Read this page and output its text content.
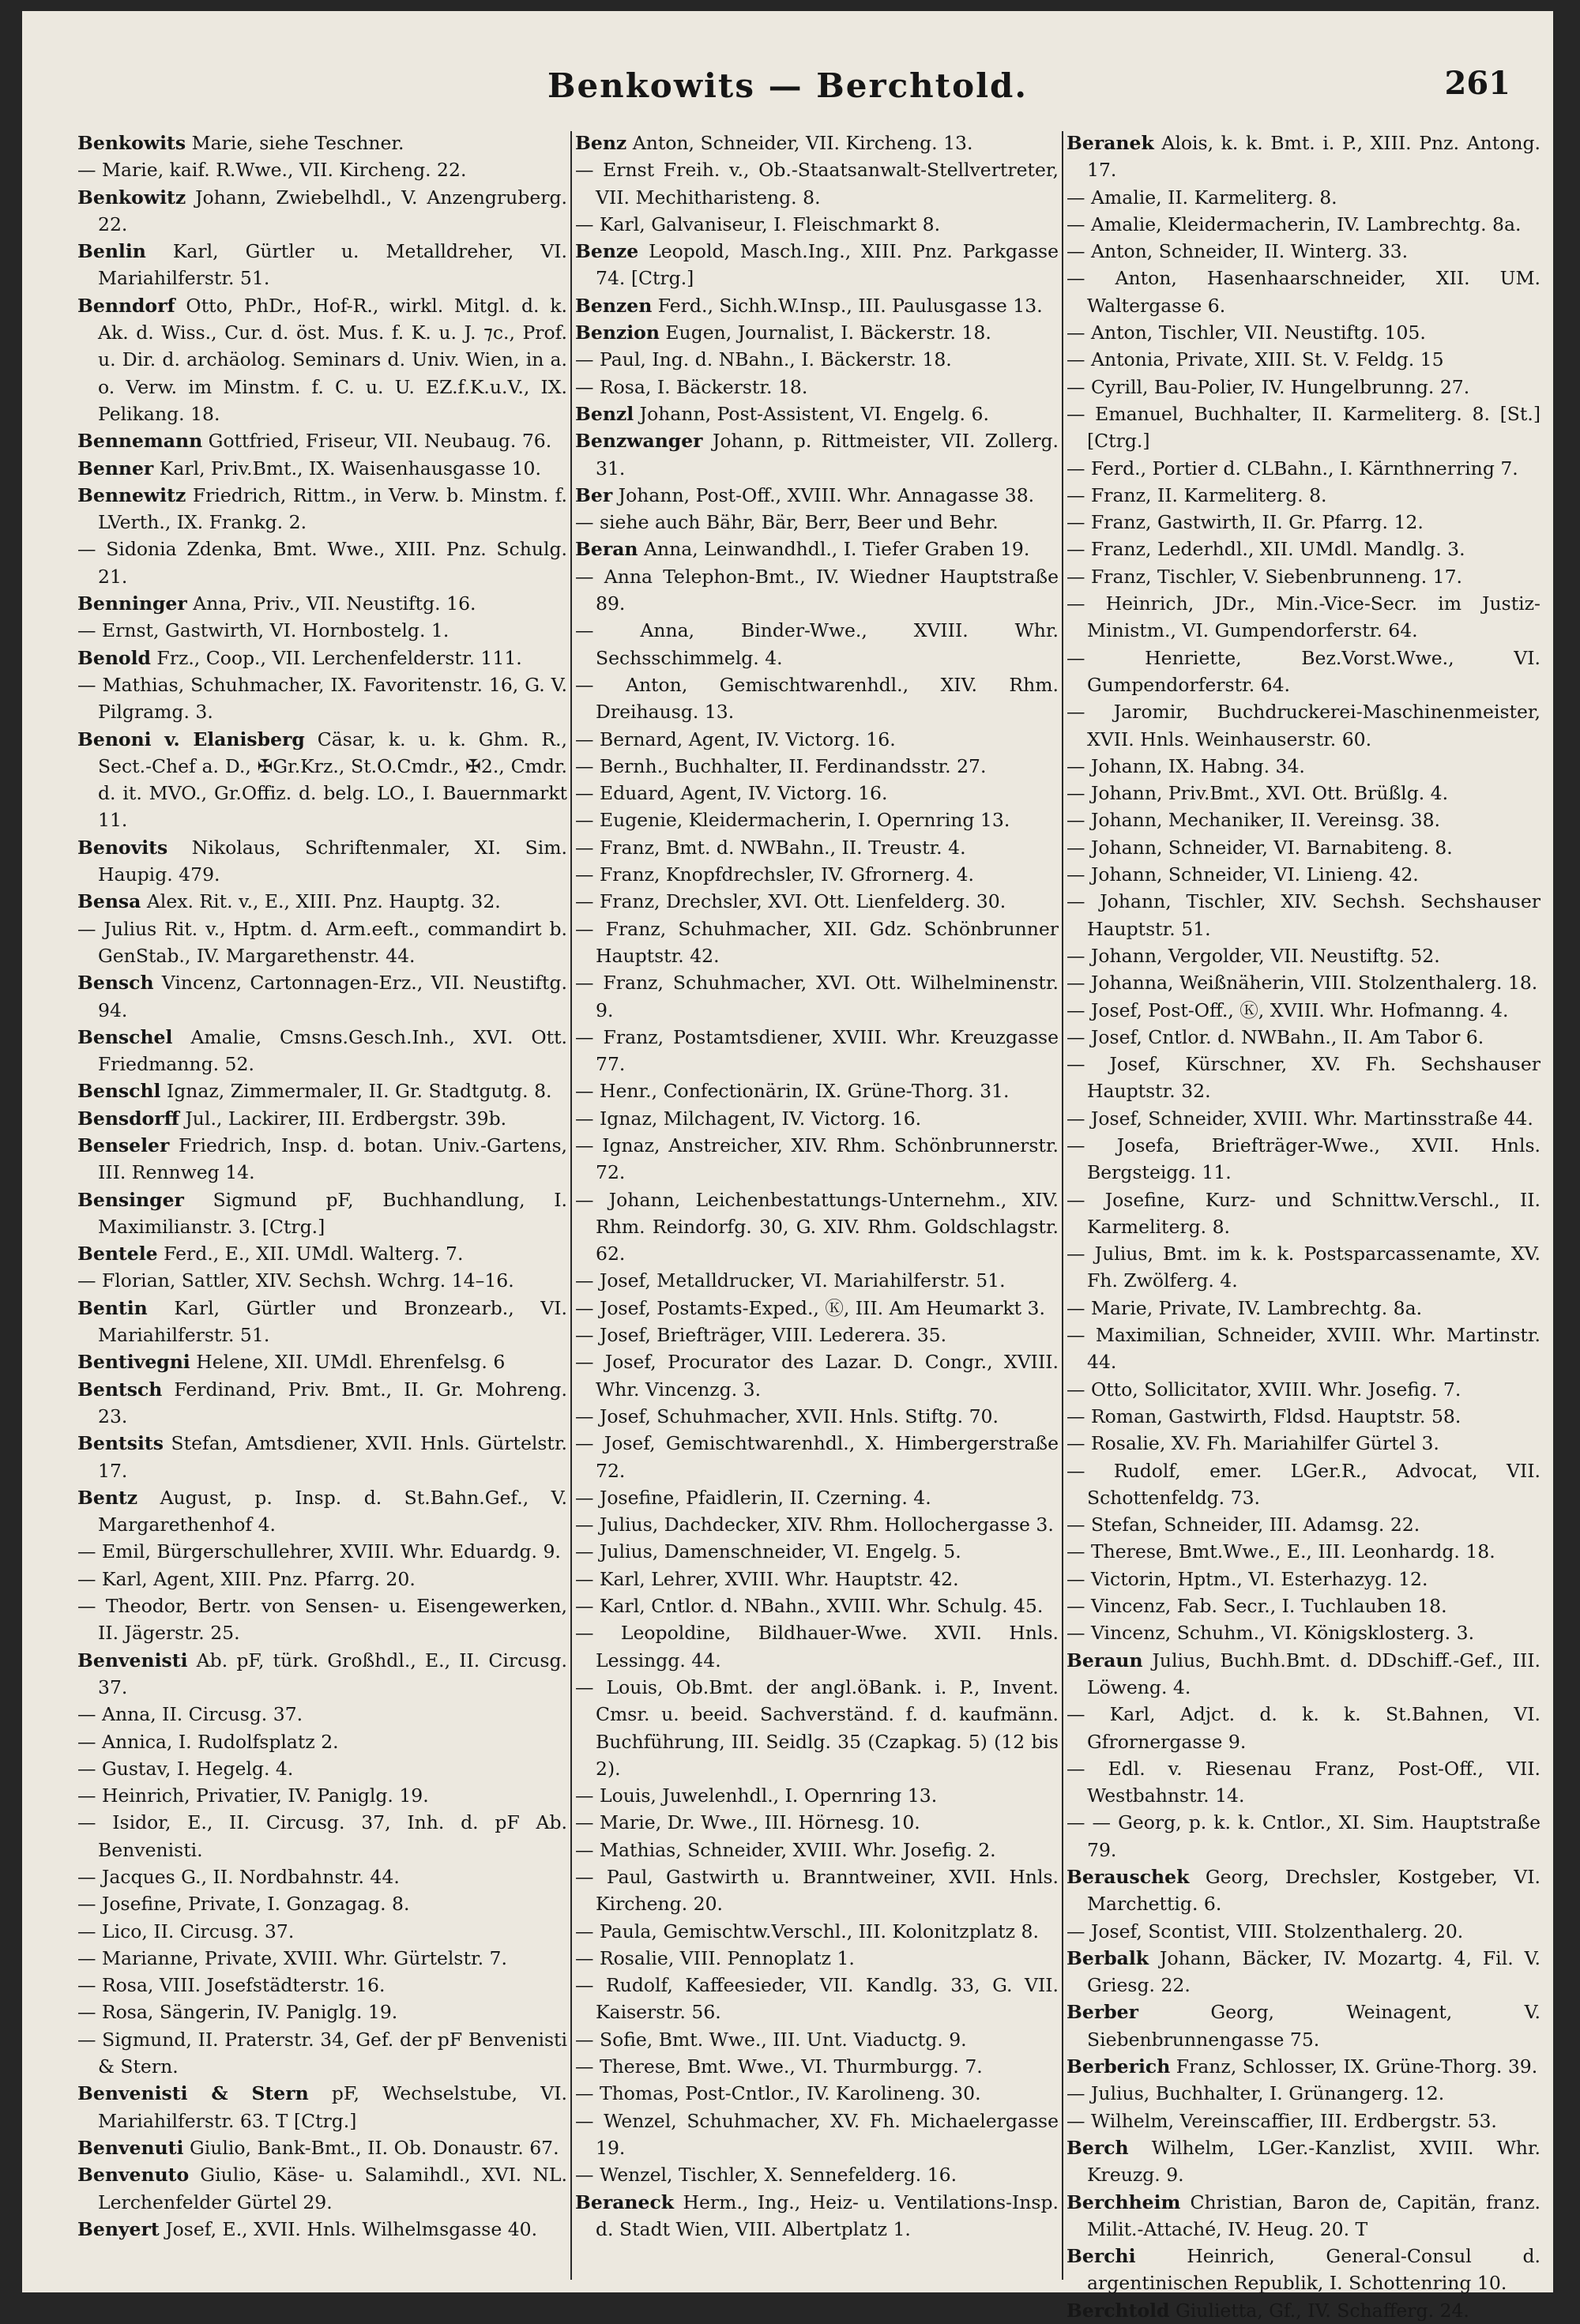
Benkowits — Berchtold.	261

Benkowits Marie, siehe Teschner.

— Marie, kaif. R.Wwe., VII. Kircheng. 22.

Benkowitz Johann, Zwiebelhdl., V. Anzengruberg. 22.

Benlin Karl, Gürtler u. Metalldreher, VI. Mariahilferstr. 51.

Benndorf Otto, PhDr., Hof-R., wirkl. Mitgl. d. k. Ak. d. Wiss., Cur. d. öst. Mus. f. K. u. J. ⁊c., Prof. u. Dir. d. archäolog. Seminars d. Univ. Wien, in a. o. Verw. im Minstm. f. C. u. U. EZ.f.K.u.V., IX. Pelikang. 18.

Bennemann Gottfried, Friseur, VII. Neubaug. 76.

Benner Karl, Priv.Bmt., IX. Waisenhausgasse 10.

Bennewitz Friedrich, Rittm., in Verw. b. Minstm. f. LVerth., IX. Frankg. 2.

— Sidonia Zdenka, Bmt. Wwe., XIII. Pnz. Schulg. 21.

Benninger Anna, Priv., VII. Neustiftg. 16.

— Ernst, Gastwirth, VI. Hornbostelg. 1.

Benold Frz., Coop., VII. Lerchenfelderstr. 111.

— Mathias, Schuhmacher, IX. Favoritenstr. 16, G. V. Pilgramg. 3.

Benoni v. Elanisberg Cäsar, k. u. k. Ghm. R., Sect.-Chef a. D., ✠Gr.Krz., St.O.Cmdr., ✠2., Cmdr. d. it. MVO., Gr.Offiz. d. belg. LO., I. Bauernmarkt 11.

Benovits Nikolaus, Schriftenmaler, XI. Sim. Haupig. 479.

Bensa Alex. Rit. v., E., XIII. Pnz. Hauptg. 32.

— Julius Rit. v., Hptm. d. Arm.eeft., commandirt b. GenStab., IV. Margarethenstr. 44.

Bensch Vincenz, Cartonnagen-Erz., VII. Neustiftg. 94.

Benschel Amalie, Cmsns.Gesch.Inh., XVI. Ott. Friedmanng. 52.

Benschl Ignaz, Zimmermaler, II. Gr. Stadtgutg. 8.

Bensdorff Jul., Lackirer, III. Erdbergstr. 39b.

Benseler Friedrich, Insp. d. botan. Univ.-Gartens, III. Rennweg 14.

Bensinger Sigmund pF, Buchhandlung, I. Maximilianstr. 3. [Ctrg.]

Bentele Ferd., E., XII. UMdl. Walterg. 7.

— Florian, Sattler, XIV. Sechsh. Wchrg. 14–16.

Bentin Karl, Gürtler und Bronzearb., VI. Mariahilferstr. 51.

Bentivegni Helene, XII. UMdl. Ehrenfelsg. 6

Bentsch Ferdinand, Priv. Bmt., II. Gr. Mohreng. 23.

Bentsits Stefan, Amtsdiener, XVII. Hnls. Gürtelstr. 17.

Bentz August, p. Insp. d. St.Bahn.Gef., V. Margarethenhof 4.

— Emil, Bürgerschullehrer, XVIII. Whr. Eduardg. 9.

— Karl, Agent, XIII. Pnz. Pfarrg. 20.

— Theodor, Bertr. von Sensen- u. Eisengewerken, II. Jägerstr. 25.

Benvenisti Ab. pF, türk. Großhdl., E., II. Circusg. 37.

— Anna, II. Circusg. 37.

— Annica, I. Rudolfsplatz 2.

— Gustav, I. Hegelg. 4.

— Heinrich, Privatier, IV. Paniglg. 19.

— Isidor, E., II. Circusg. 37, Inh. d. pF Ab. Benvenisti.

— Jacques G., II. Nordbahnstr. 44.

— Josefine, Private, I. Gonzagag. 8.

— Lico, II. Circusg. 37.

— Marianne, Private, XVIII. Whr. Gürtelstr. 7.

— Rosa, VIII. Josefstädterstr. 16.

— Rosa, Sängerin, IV. Paniglg. 19.

— Sigmund, II. Praterstr. 34, Gef. der pF Benvenisti & Stern.

Benvenisti & Stern pF, Wechselstube, VI. Mariahilferstr. 63. T [Ctrg.]

Benvenuti Giulio, Bank-Bmt., II. Ob. Donaustr. 67.

Benvenuto Giulio, Käse- u. Salamihdl., XVI. NL. Lerchenfelder Gürtel 29.

Benyert Josef, E., XVII. Hnls. Wilhelmsgasse 40.

Benz Anton, Schneider, VII. Kircheng. 13.

— Ernst Freih. v., Ob.-Staatsanwalt-Stellvertreter, VII. Mechitharisteng. 8.

— Karl, Galvaniseur, I. Fleischmarkt 8.

Benze Leopold, Masch.Ing., XIII. Pnz. Parkgasse 74. [Ctrg.]

Benzen Ferd., Sichh.W.Insp., III. Paulusgasse 13.

Benzion Eugen, Journalist, I. Bäckerstr. 18.

— Paul, Ing. d. NBahn., I. Bäckerstr. 18.

— Rosa, I. Bäckerstr. 18.

Benzl Johann, Post-Assistent, VI. Engelg. 6.

Benzwanger Johann, p. Rittmeister, VII. Zollerg. 31.

Ber Johann, Post-Off., XVIII. Whr. Annagasse 38.

— siehe auch Bähr, Bär, Berr, Beer und Behr.

Beran Anna, Leinwandhdl., I. Tiefer Graben 19.

— Anna Telephon-Bmt., IV. Wiedner Hauptstraße 89.

— Anna, Binder-Wwe., XVIII. Whr. Sechsschimmelg. 4.

— Anton, Gemischtwarenhdl., XIV. Rhm. Dreihausg. 13.

— Bernard, Agent, IV. Victorg. 16.

— Bernh., Buchhalter, II. Ferdinandsstr. 27.

— Eduard, Agent, IV. Victorg. 16.

— Eugenie, Kleidermacherin, I. Opernring 13.

— Franz, Bmt. d. NWBahn., II. Treustr. 4.

— Franz, Knopfdrechsler, IV. Gfrornerg. 4.

— Franz, Drechsler, XVI. Ott. Lienfelderg. 30.

— Franz, Schuhmacher, XII. Gdz. Schönbrunner Hauptstr. 42.

— Franz, Schuhmacher, XVI. Ott. Wilhelminenstr. 9.

— Franz, Postamtsdiener, XVIII. Whr. Kreuzgasse 77.

— Henr., Confectionärin, IX. Grüne-Thorg. 31.

— Ignaz, Milchagent, IV. Victorg. 16.

— Ignaz, Anstreicher, XIV. Rhm. Schönbrunnerstr. 72.

— Johann, Leichenbestattungs-Unternehm., XIV. Rhm. Reindorfg. 30, G. XIV. Rhm. Goldschlagstr. 62.

— Josef, Metalldrucker, VI. Mariahilferstr. 51.

— Josef, Postamts-Exped., Ⓚ, III. Am Heumarkt 3.

— Josef, Briefträger, VIII. Lederera. 35.

— Josef, Procurator des Lazar. D. Congr., XVIII. Whr. Vincenzg. 3.

— Josef, Schuhmacher, XVII. Hnls. Stiftg. 70.

— Josef, Gemischtwarenhdl., X. Himbergerstraße 72.

— Josefine, Pfaidlerin, II. Czerning. 4.

— Julius, Dachdecker, XIV. Rhm. Hollochergasse 3.

— Julius, Damenschneider, VI. Engelg. 5.

— Karl, Lehrer, XVIII. Whr. Hauptstr. 42.

— Karl, Cntlor. d. NBahn., XVIII. Whr. Schulg. 45.

— Leopoldine, Bildhauer-Wwe. XVII. Hnls. Lessingg. 44.

— Louis, Ob.Bmt. der angl.öBank. i. P., Invent. Cmsr. u. beeid. Sachverständ. f. d. kaufmänn. Buchführung, III. Seidlg. 35 (Czapkag. 5) (12 bis 2).

— Louis, Juwelenhdl., I. Opernring 13.

— Marie, Dr. Wwe., III. Hörnesg. 10.

— Mathias, Schneider, XVIII. Whr. Josefig. 2.

— Paul, Gastwirth u. Branntweiner, XVII. Hnls. Kircheng. 20.

— Paula, Gemischtw.Verschl., III. Kolonitzplatz 8.

— Rosalie, VIII. Pennoplatz 1.

— Rudolf, Kaffeesieder, VII. Kandlg. 33, G. VII. Kaiserstr. 56.

— Sofie, Bmt. Wwe., III. Unt. Viaductg. 9.

— Therese, Bmt. Wwe., VI. Thurmburgg. 7.

— Thomas, Post-Cntlor., IV. Karolineng. 30.

— Wenzel, Schuhmacher, XV. Fh. Michaelergasse 19.

— Wenzel, Tischler, X. Sennefelderg. 16.

Beraneck Herm., Ing., Heiz- u. Ventilations-Insp. d. Stadt Wien, VIII. Albertplatz 1.

Beranek Alois, k. k. Bmt. i. P., XIII. Pnz. Antong. 17.

— Amalie, II. Karmeliterg. 8.

— Amalie, Kleidermacherin, IV. Lambrechtg. 8a.

— Anton, Schneider, II. Winterg. 33.

— Anton, Hasenhaarschneider, XII. UM. Waltergasse 6.

— Anton, Tischler, VII. Neustiftg. 105.

— Antonia, Private, XIII. St. V. Feldg. 15

— Cyrill, Bau-Polier, IV. Hungelbrunng. 27.

— Emanuel, Buchhalter, II. Karmeliterg. 8. [St.] [Ctrg.]

— Ferd., Portier d. CLBahn., I. Kärnthnerring 7.

— Franz, II. Karmeliterg. 8.

— Franz, Gastwirth, II. Gr. Pfarrg. 12.

— Franz, Lederhdl., XII. UMdl. Mandlg. 3.

— Franz, Tischler, V. Siebenbrunneng. 17.

— Heinrich, JDr., Min.-Vice-Secr. im Justiz-Ministm., VI. Gumpendorferstr. 64.

— Henriette, Bez.Vorst.Wwe., VI. Gumpendorferstr. 64.

— Jaromir, Buchdruckerei-Maschinenmeister, XVII. Hnls. Weinhauserstr. 60.

— Johann, IX. Habng. 34.

— Johann, Priv.Bmt., XVI. Ott. Brüßlg. 4.

— Johann, Mechaniker, II. Vereinsg. 38.

— Johann, Schneider, VI. Barnabiteng. 8.

— Johann, Schneider, VI. Linieng. 42.

— Johann, Tischler, XIV. Sechsh. Sechshauser Hauptstr. 51.

— Johann, Vergolder, VII. Neustiftg. 52.

— Johanna, Weißnäherin, VIII. Stolzenthalerg. 18.

— Josef, Post-Off., Ⓚ, XVIII. Whr. Hofmanng. 4.

— Josef, Cntlor. d. NWBahn., II. Am Tabor 6.

— Josef, Kürschner, XV. Fh. Sechshauser Hauptstr. 32.

— Josef, Schneider, XVIII. Whr. Martinsstraße 44.

— Josefa, Briefträger-Wwe., XVII. Hnls. Bergsteigg. 11.

— Josefine, Kurz- und Schnittw.Verschl., II. Karmeliterg. 8.

— Julius, Bmt. im k. k. Postsparcassenamte, XV. Fh. Zwölferg. 4.

— Marie, Private, IV. Lambrechtg. 8a.

— Maximilian, Schneider, XVIII. Whr. Martinstr. 44.

— Otto, Sollicitator, XVIII. Whr. Josefig. 7.

— Roman, Gastwirth, Fldsd. Hauptstr. 58.

— Rosalie, XV. Fh. Mariahilfer Gürtel 3.

— Rudolf, emer. LGer.R., Advocat, VII. Schottenfeldg. 73.

— Stefan, Schneider, III. Adamsg. 22.

— Therese, Bmt.Wwe., E., III. Leonhardg. 18.

— Victorin, Hptm., VI. Esterhazyg. 12.

— Vincenz, Fab. Secr., I. Tuchlauben 18.

— Vincenz, Schuhm., VI. Königsklosterg. 3.

Beraun Julius, Buchh.Bmt. d. DDschiff.-Gef., III. Löweng. 4.

— Karl, Adjct. d. k. k. St.Bahnen, VI. Gfrornergasse 9.

— Edl. v. Riesenau Franz, Post-Off., VII. Westbahnstr. 14.

— — Georg, p. k. k. Cntlor., XI. Sim. Hauptstraße 79.

Berauschek Georg, Drechsler, Kostgeber, VI. Marchettig. 6.

— Josef, Scontist, VIII. Stolzenthalerg. 20.

Berbalk Johann, Bäcker, IV. Mozartg. 4, Fil. V. Griesg. 22.

Berber Georg, Weinagent, V. Siebenbrunnengasse 75.

Berberich Franz, Schlosser, IX. Grüne-Thorg. 39.

— Julius, Buchhalter, I. Grünangerg. 12.

— Wilhelm, Vereinscaffier, III. Erdbergstr. 53.

Berch Wilhelm, LGer.-Kanzlist, XVIII. Whr. Kreuzg. 9.

Berchheim Christian, Baron de, Capitän, franz. Milit.-Attaché, IV. Heug. 20. T

Berchi Heinrich, General-Consul d. argentinischen Republik, I. Schottenring 10.

Berchtold Giulietta, Gf., IV. Schafferg. 24.
